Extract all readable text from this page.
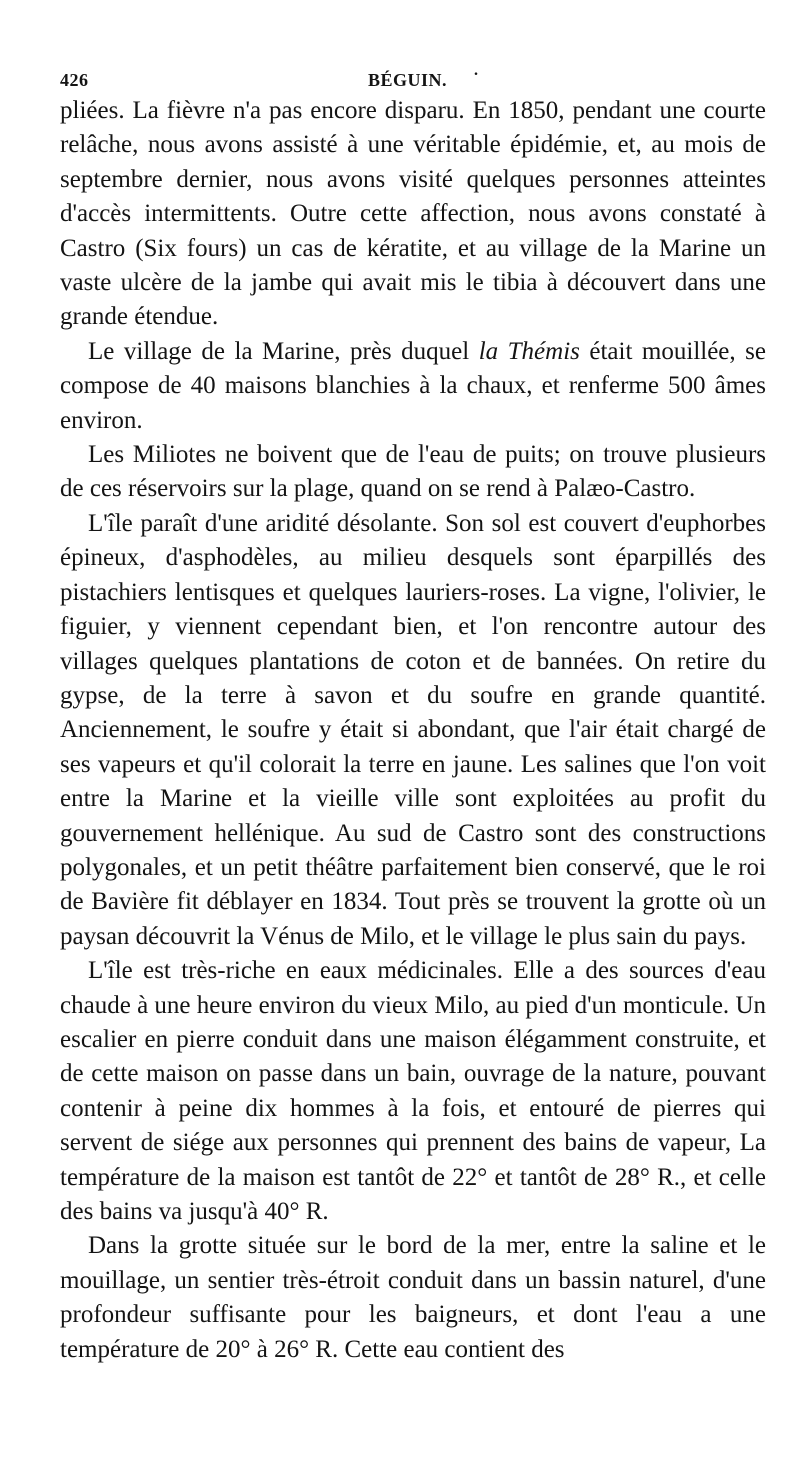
426	BÉGUIN. .

pliées. La fièvre n'a pas encore disparu. En 1850, pendant une courte relâche, nous avons assisté à une véritable épidémie, et, au mois de septembre dernier, nous avons visité quelques personnes atteintes d'accès intermittents. Outre cette affection, nous avons constaté à Castro (Six fours) un cas de kératite, et au village de la Marine un vaste ulcère de la jambe qui avait mis le tibia à découvert dans une grande étendue.

Le village de la Marine, près duquel la Thémis était mouillée, se compose de 40 maisons blanchies à la chaux, et renferme 500 âmes environ.

Les Miliotes ne boivent que de l'eau de puits; on trouve plusieurs de ces réservoirs sur la plage, quand on se rend à Palæo-Castro.

L'île paraît d'une aridité désolante. Son sol est couvert d'euphorbes épineux, d'asphodèles, au milieu desquels sont éparpillés des pistachiers lentisques et quelques lauriers-roses. La vigne, l'olivier, le figuier, y viennent cependant bien, et l'on rencontre autour des villages quelques plantations de coton et de bannées. On retire du gypse, de la terre à savon et du soufre en grande quantité. Anciennement, le soufre y était si abondant, que l'air était chargé de ses vapeurs et qu'il colorait la terre en jaune. Les salines que l'on voit entre la Marine et la vieille ville sont exploitées au profit du gouvernement hellénique. Au sud de Castro sont des constructions polygonales, et un petit théâtre parfaitement bien conservé, que le roi de Bavière fit déblayer en 1834. Tout près se trouvent la grotte où un paysan découvrit la Vénus de Milo, et le village le plus sain du pays.

L'île est très-riche en eaux médicinales. Elle a des sources d'eau chaude à une heure environ du vieux Milo, au pied d'un monticule. Un escalier en pierre conduit dans une maison élégamment construite, et de cette maison on passe dans un bain, ouvrage de la nature, pouvant contenir à peine dix hommes à la fois, et entouré de pierres qui servent de siége aux personnes qui prennent des bains de vapeur, La température de la maison est tantôt de 22° et tantôt de 28° R., et celle des bains va jusqu'à 40° R.

Dans la grotte située sur le bord de la mer, entre la saline et le mouillage, un sentier très-étroit conduit dans un bassin naturel, d'une profondeur suffisante pour les baigneurs, et dont l'eau a une température de 20° à 26° R. Cette eau contient des
